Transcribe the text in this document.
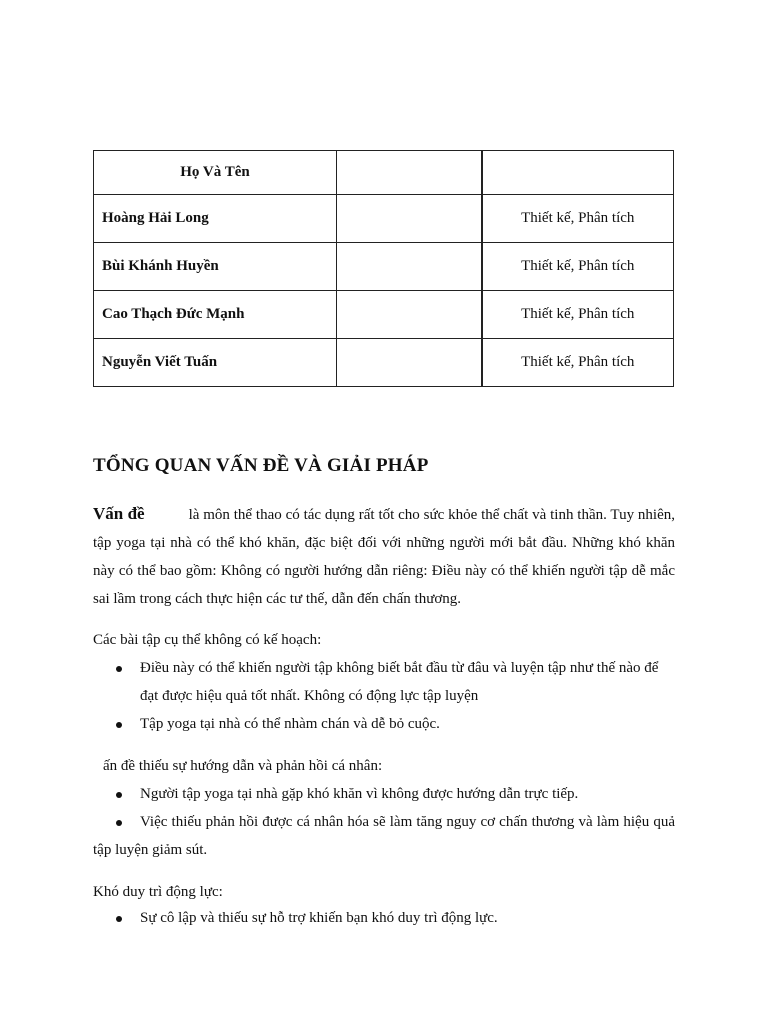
Họ Và Tên		
Hoàng Hải Long		Thiết kế, Phân tích
Bùi Khánh Huyền		Thiết kế, Phân tích
Cao Thạch Đức Mạnh		Thiết kế, Phân tích
Nguyễn Viết Tuấn		Thiết kế, Phân tích
TỔNG QUAN VẤN ĐỀ VÀ GIẢI PHÁP
Vấn đề	là môn thể thao có tác dụng rất tốt cho sức khỏe thể chất và tinh thần. Tuy nhiên, tập yoga tại nhà có thể khó khăn, đặc biệt đối với những người mới bắt đầu. Những khó khăn này có thể bao gồm: Không có người hướng dẫn riêng: Điều này có thể khiến người tập dễ mắc sai lầm trong cách thực hiện các tư thế, dẫn đến chấn thương.
Các bài tập cụ thể không có kế hoạch:
Điều này có thể khiến người tập không biết bắt đầu từ đâu và luyện tập như thế nào để đạt được hiệu quả tốt nhất. Không có động lực tập luyện
Tập yoga tại nhà có thể nhàm chán và dễ bỏ cuộc.
ấn đề thiếu sự hướng dẫn và phản hồi cá nhân:
Người tập yoga tại nhà gặp khó khăn vì không được hướng dẫn trực tiếp.
Việc thiếu phản hồi được cá nhân hóa sẽ làm tăng nguy cơ chấn thương và làm hiệu quả tập luyện giảm sút.
Khó duy trì động lực:
Sự cô lập và thiếu sự hỗ trợ khiến bạn khó duy trì động lực.
